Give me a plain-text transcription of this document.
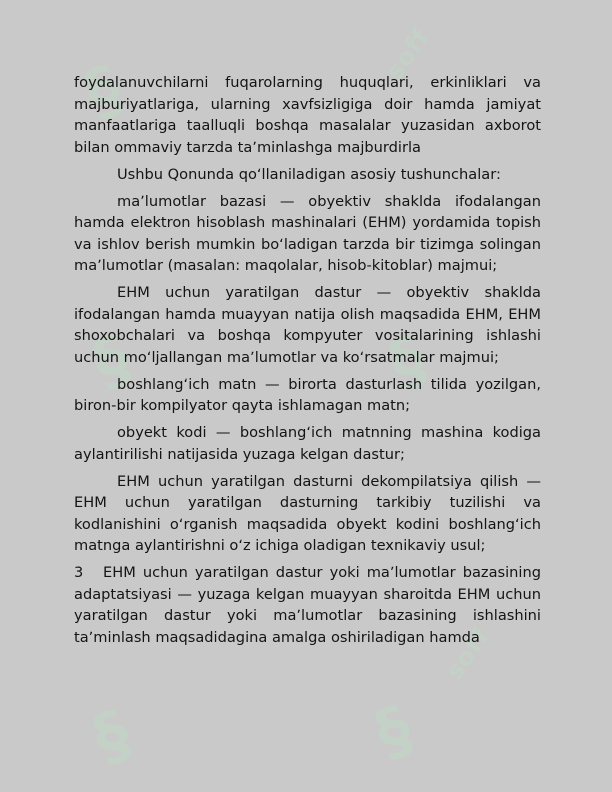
§	soff
§	§
soff
§	§

foydalanuvchilarni fuqarolarning huquqlari, erkinliklari va majburiyatlariga, ularning xavfsizligiga doir hamda jamiyat manfaatlariga taalluqli boshqa masalalar yuzasidan axborot bilan ommaviy tarzda taʼminlashga majburdirla

Ushbu Qonunda qoʻllaniladigan asosiy tushunchalar:

maʼlumotlar bazasi — obyektiv shaklda ifodalangan hamda elektron hisoblash mashinalari (EHM) yordamida topish va ishlov berish mumkin boʻladigan tarzda bir tizimga solingan maʼlumotlar (masalan: maqolalar, hisob-kitoblar) majmui;

EHM uchun yaratilgan dastur — obyektiv shaklda ifodalangan hamda muayyan natija olish maqsadida EHM, EHM shoxobchalari va boshqa kompyuter vositalarining ishlashi uchun moʻljallangan maʼlumotlar va koʻrsatmalar majmui;

boshlangʻich matn — birorta dasturlash tilida yozilgan, biron-bir kompilyator qayta ishlamagan matn;

obyekt kodi — boshlangʻich matnning mashina kodiga aylantirilishi natijasida yuzaga kelgan dastur;

EHM uchun yaratilgan dasturni dekompilatsiya qilish — EHM uchun yaratilgan dasturning tarkibiy tuzilishi va kodlanishini oʻrganish maqsadida obyekt kodini boshlangʻich matnga aylantirishni oʻz ichiga oladigan texnikaviy usul;

3 EHM uchun yaratilgan dastur yoki maʼlumotlar bazasining adaptatsiyasi — yuzaga kelgan muayyan sharoitda EHM uchun yaratilgan dastur yoki maʼlumotlar bazasining ishlashini taʼminlash maqsadidagina amalga oshiriladigan hamda
